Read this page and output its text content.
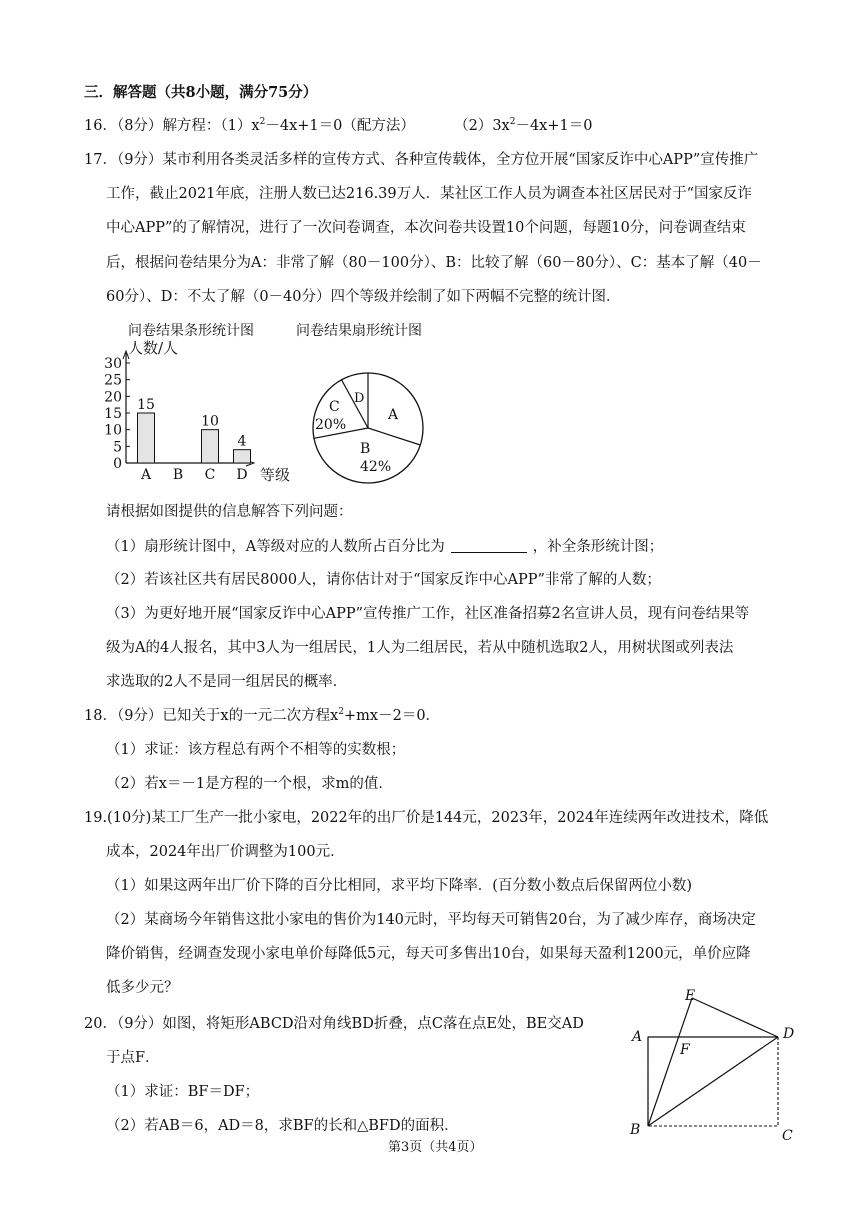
三．解答题（共8小题，满分75分）
16．（8分）解方程：$(1)x^2-4x+1=0$（配方法）	$(2)3x^2-4x+1=0$
17．（9分）某市利用各类灵活多样的宣传方式、各种宣传载体，全方位开展“国家反诈中心APP”宣传推广
工作，截止2021年底，注册人数已达216.39万人．某社区工作人员为调查本社区居民对于“国家反诈
中心APP”的了解情况，进行了一次问卷调查，本次问卷共设置10个问题，每题10分，问卷调查结束
后，根据问卷结果分为A：非常了解（80－100分）、B：比较了解（60－80分）、C：基本了解（40－
60分）、D：不太了解（0－40分）四个等级并绘制了如下两幅不完整的统计图．
问卷结果条形统计图	问卷结果扇形统计图
0
5
10
15
20
25
30
A
15
B C
10
D
4
人数/人
等级
A
B
42%
C
20%
D
请根据如图提供的信息解答下列问题：
（1）扇形统计图中，A等级对应的人数所占百分比为	，补全条形统计图；
（2）若该社区共有居民8000人，请你估计对于“国家反诈中心APP”非常了解的人数；
（3）为更好地开展“国家反诈中心APP”宣传推广工作，社区准备招募2名宣讲人员，现有问卷结果等
级为A的4人报名，其中3人为一组居民，1人为二组居民，若从中随机选取2人，用树状图或列表法
求选取的2人不是同一组居民的概率．
18．（9分）已知关于x的一元二次方程$x^2+mx-2=0$．
（1）求证：该方程总有两个不相等的实数根；
（2）若x＝－1是方程的一个根，求m的值．
19.(10分)某工厂生产一批小家电，2022年的出厂价是144元，2023年，2024年连续两年改进技术，降低
成本，2024年出厂价调整为100元．
（1）如果这两年出厂价下降的百分比相同，求平均下降率．(百分数小数点后保留两位小数)
（2）某商场今年销售这批小家电的售价为140元时，平均每天可销售20台，为了减少库存，商场决定
降价销售，经调查发现小家电单价每降低5元，每天可多售出10台，如果每天盈利1200元，单价应降
低多少元？
20．（9分）如图，将矩形ABCD沿对角线BD折叠，点C落在点E处，BE交AD
于点F．
（1）求证：BF＝DF；
（2）若AB＝6，AD＝8，求BF的长和△BFD的面积．
A
B	C
D
E
F
第3页（共4页）
